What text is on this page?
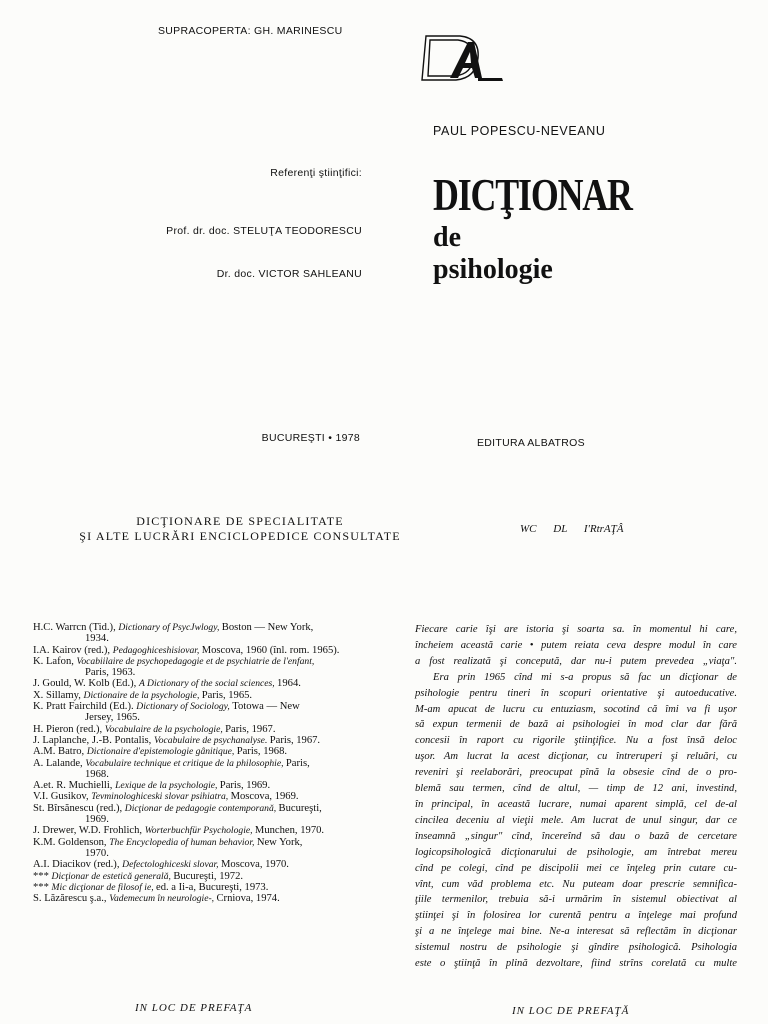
SUPRACOPERTA: GH. MARINESCU
Referenţi ştiinţifici:
Prof. dr. doc. STELUŢA TEODORESCU
Dr. doc. VICTOR SAHLEANU
BUCUREŞTI • 1978
DICŢIONARE DE SPECIALITATE
ŞI ALTE LUCRĂRI ENCICLOPEDICE CONSULTATE
H.C. Warrcn (Tid.), Dictionary of PsycJwlogy, Boston — New York,
1934.
I.A. Kairov (red.), Pedagoghiceshisiovar, Moscova, 1960 (înl. rom. 1965).
K. Lafon, Vocabiilaire de psychopedagogie et de psychiatrie de l'enfant,
Paris, 1963.
J. Gould, W. Kolb (Ed.), A Dictionary of the social sciences, 1964.
X. Sillamy, Dictionaire de la psychologie, Paris, 1965.
K. Pratt Fairchild (Ed.). Dictionary of Sociology, Totowa — New
Jersey, 1965.
H. Pieron (red.), Vocabulaire de la psychologie, Paris, 1967.
J. Laplanche, J.-B. Pontalis, Vocabulaire de psychanalyse. Paris, 1967.
A.M. Batro, Dictionaire d'epistemologie gânitique, Paris, 1968.
A. Lalande, Vocabulaire technique et critique de la philosophie, Paris,
1968.
A.et. R. Muchielli, Lexique de la psychologie, Paris, 1969.
V.I. Gusikov, Tevminologhiceski slovar psihiatra, Moscova, 1969.
St. Bîrsănescu (red.), Dicţionar de pedagogie contemporană, Bucureşti,
1969.
J. Drewer, W.D. Frohlich, Worterbuchfür Psychologie, Munchen, 1970.
K.M. Goldenson, The Encyclopedia of human behavior, New York,
1970.
A.I. Diacikov (red.), Defectologhiceski slovar, Moscova, 1970.
*** Dicţionar de estetică generală, Bucureşti, 1972.
*** Mic dicţionar de filosof ie, ed. a Ii-a, Bucureşti, 1973.
S. Lăzărescu ş.a., Vademecum în neurologie-, Crniova, 1974.
IN LOC DE PREFAŢA
PAUL POPESCU-NEVEANU
DICŢIONAR
de
psihologie
EDITURA ALBATROS
WC DL I'RtrAŢÂ
Fiecare carie îşi are istoria şi soarta sa. în momentul hi care,
încheiem această carie • putem reiata ceva despre modul în care
a fost realizată şi concepută, dar nu-i putem prevedea „viaţa".
Era prin 1965 cînd mi s-a propus să fac un dicţionar de
psihologie pentru tineri în scopuri orientative şi autoeducative.
M-am apucat de lucru cu entuziasm, socotind că îmi va fi uşor
să expun termenii de bază ai psihologiei în mod clar dar fără
concesii în raport cu rigorile ştiinţifice. Nu a fost însă deloc
uşor. Am lucrat la acest dicţionar, cu întreruperi şi reluări, cu
reveniri şi reelaborări, preocupat pînă la obsesie cînd de o pro-
blemă sau termen, cînd de altul, — timp de 12 ani, investind,
în principal, în această lucrare, numai aparent simplă, cel de-al
cincilea deceniu al vieţii mele. Am lucrat de unul singur, dar ce
înseamnă „singur" cînd, încereînd să dau o bază de cercetare
logicopsihologică dicţionarului de psihologie, am întrebat mereu
cînd pe colegi, cînd pe discipolii mei ce înţeleg prin cutare cu-
vînt, cum văd problema etc. Nu puteam doar prescrie semnifica-
ţiile termenilor, trebuia să-i urmărim în sistemul obiectivat al
ştiinţei şi în folosirea lor curentă pentru a înţelege mai profund
şi a ne înţelege mai bine. Ne-a interesat să reflectăm în dicţionar
sistemul nostru de psihologie şi gîndire psihologică. Psihologia
este o ştiinţă în plină dezvoltare, fiind strîns corelată cu multe
IN LOC DE PREFAŢĂ
